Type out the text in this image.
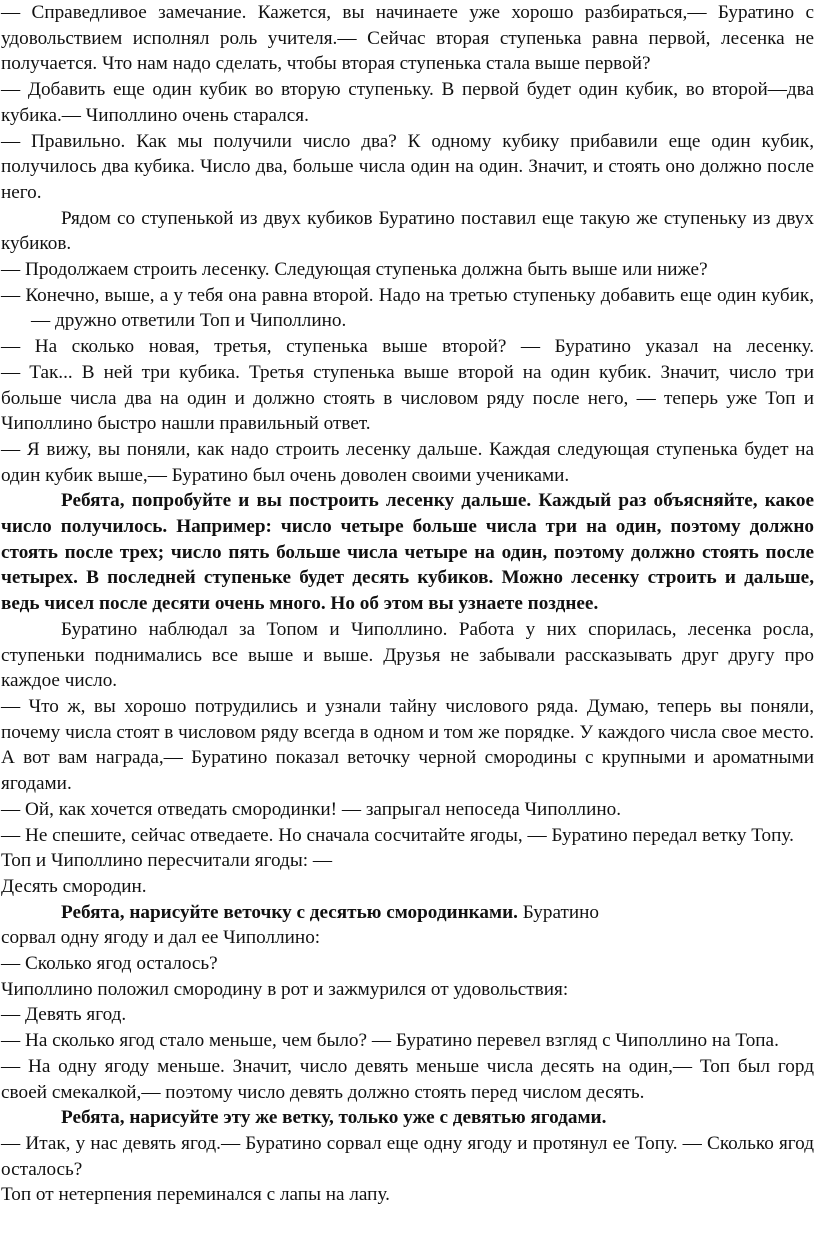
— Справедливое замечание. Кажется, вы начинаете уже хорошо разбираться,— Буратино с удовольствием исполнял роль учителя.— Сейчас вторая ступенька равна первой, лесенка не получается. Что нам надо сделать, чтобы вторая ступенька стала выше первой?

— Добавить еще один кубик во вторую ступеньку. В первой будет один кубик, во второй—два кубика.— Чиполлино очень старался.

— Правильно. Как мы получили число два? К одному кубику прибавили еще один кубик, получилось два кубика. Число два, больше числа один на один. Значит, и стоять оно должно после него.

Рядом со ступенькой из двух кубиков Буратино поставил еще такую же ступеньку из двух кубиков.

— Продолжаем строить лесенку. Следующая ступенька должна быть выше или ниже?

— Конечно, выше, а у тебя она равна второй. Надо на третью ступеньку добавить еще один кубик, — дружно ответили Топ и Чиполлино.

— На сколько новая, третья, ступенька выше второй? — Буратино указал на лесенку.

— Так... В ней три кубика. Третья ступенька выше второй на один кубик. Значит, число три больше числа два на один и должно стоять в числовом ряду после него, — теперь уже Топ и Чиполлино быстро нашли правильный ответ.

— Я вижу, вы поняли, как надо строить лесенку дальше. Каждая следующая ступенька будет на один кубик выше,— Буратино был очень доволен своими учениками.

Ребята, попробуйте и вы построить лесенку дальше. Каждый раз объясняйте, какое число получилось. Например: число четыре больше числа три на один, поэтому должно стоять после трех; число пять больше числа четыре на один, поэтому должно стоять после четырех. В последней ступеньке будет десять кубиков. Можно лесенку строить и дальше, ведь чисел после десяти очень много. Но об этом вы узнаете позднее.

Буратино наблюдал за Топом и Чиполлино. Работа у них спорилась, лесенка росла, ступеньки поднимались все выше и выше. Друзья не забывали рассказывать друг другу про каждое число.

— Что ж, вы хорошо потрудились и узнали тайну числового ряда. Думаю, теперь вы поняли, почему числа стоят в числовом ряду всегда в одном и том же порядке. У каждого числа свое место. А вот вам награда,— Буратино показал веточку черной смородины с крупными и ароматными ягодами.

— Ой, как хочется отведать смородинки! — запрыгал непоседа Чиполлино.

— Не спешите, сейчас отведаете. Но сначала сосчитайте ягоды, — Буратино передал ветку Топу.

Топ и Чиполлино пересчитали ягоды: —

Десять смородин.

Ребята, нарисуйте веточку с десятью смородинками. Буратино

сорвал одну ягоду и дал ее Чиполлино:

— Сколько ягод осталось?

Чиполлино положил смородину в рот и зажмурился от удовольствия:

— Девять ягод.

— На сколько ягод стало меньше, чем было? — Буратино перевел взгляд с Чиполлино на Топа.

— На одну ягоду меньше. Значит, число девять меньше числа десять на один,— Топ был горд своей смекалкой,— поэтому число девять должно стоять перед числом десять.

Ребята, нарисуйте эту же ветку, только уже с девятью ягодами.

— Итак, у нас девять ягод.— Буратино сорвал еще одну ягоду и протянул ее Топу. — Сколько ягод осталось?

Топ от нетерпения переминался с лапы на лапу.
